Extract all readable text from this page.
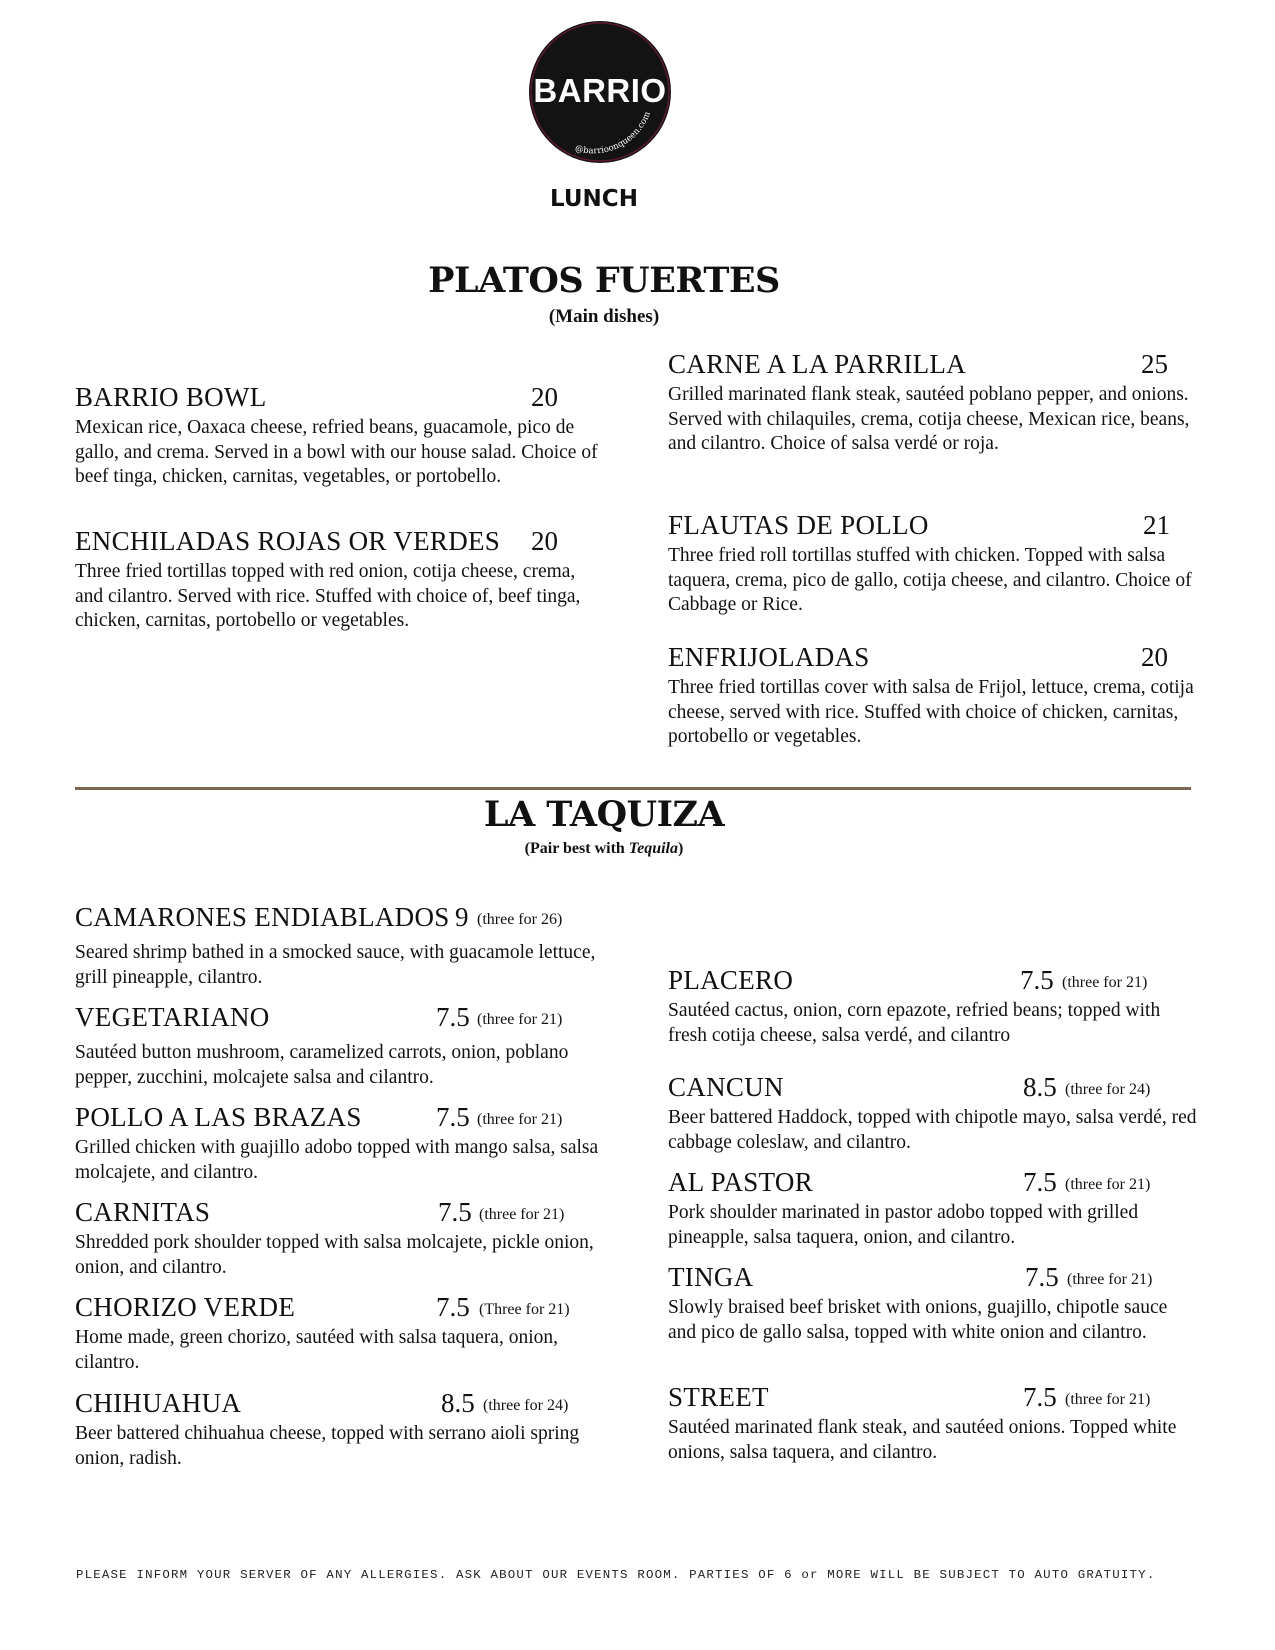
BARRIO
@barrioonqueen.com
LUNCH
PLATOS FUERTES
(Main dishes)
BARRIO BOWL	20
Mexican rice, Oaxaca cheese, refried beans, guacamole, pico de gallo, and crema. Served in a bowl with our house salad. Choice of beef tinga, chicken, carnitas, vegetables, or portobello.
ENCHILADAS ROJAS OR VERDES 20
Three fried tortillas topped with red onion, cotija cheese, crema, and cilantro. Served with rice. Stuffed with choice of, beef tinga, chicken, carnitas, portobello or vegetables.
CARNE A LA PARRILLA	25
Grilled marinated flank steak, sautéed poblano pepper, and onions. Served with chilaquiles, crema, cotija cheese, Mexican rice, beans, and cilantro. Choice of salsa verdé or roja.
FLAUTAS DE POLLO	21
Three fried roll tortillas stuffed with chicken. Topped with salsa taquera, crema, pico de gallo, cotija cheese, and cilantro. Choice of Cabbage or Rice.
ENFRIJOLADAS	20
Three fried tortillas cover with salsa de Frijol, lettuce, crema, cotija cheese, served with rice. Stuffed with choice of chicken, carnitas, portobello or vegetables.
LA TAQUIZA
(Pair best with Tequila)
CAMARONES ENDIABLADOS 9 (three for 26)
Seared shrimp bathed in a smocked sauce, with guacamole lettuce, grill pineapple, cilantro.
VEGETARIANO	7.5 (three for 21)
Sautéed button mushroom, caramelized carrots, onion, poblano pepper, zucchini, molcajete salsa and cilantro.
POLLO A LAS BRAZAS	7.5 (three for 21)
Grilled chicken with guajillo adobo topped with mango salsa, salsa molcajete, and cilantro.
CARNITAS	7.5 (three for 21)
Shredded pork shoulder topped with salsa molcajete, pickle onion, onion, and cilantro.
CHORIZO VERDE	7.5 (Three for 21)
Home made, green chorizo, sautéed with salsa taquera, onion, cilantro.
CHIHUAHUA	8.5 (three for 24)
Beer battered chihuahua cheese, topped with serrano aioli spring onion, radish.
PLACERO	7.5 (three for 21)
Sautéed cactus, onion, corn epazote, refried beans; topped with fresh cotija cheese, salsa verdé, and cilantro
CANCUN	8.5 (three for 24)
Beer battered Haddock, topped with chipotle mayo, salsa verdé, red cabbage coleslaw, and cilantro.
AL PASTOR	7.5 (three for 21)
Pork shoulder marinated in pastor adobo topped with grilled pineapple, salsa taquera, onion, and cilantro.
TINGA	7.5 (three for 21)
Slowly braised beef brisket with onions, guajillo, chipotle sauce and pico de gallo salsa, topped with white onion and cilantro.
STREET	7.5 (three for 21)
Sautéed marinated flank steak, and sautéed onions. Topped white onions, salsa taquera, and cilantro.
PLEASE INFORM YOUR SERVER OF ANY ALLERGIES. ASK ABOUT OUR EVENTS ROOM. PARTIES OF 6 or MORE WILL BE SUBJECT TO AUTO GRATUITY.
